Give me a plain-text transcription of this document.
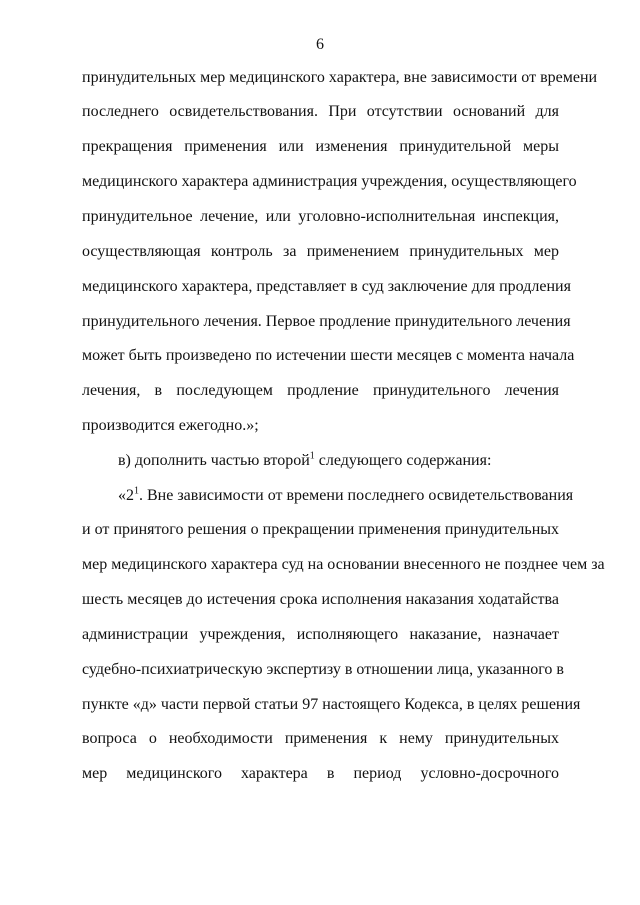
6
принудительных мер медицинского характера, вне зависимости от времени
последнего освидетельствования. При отсутствии оснований для
прекращения применения или изменения принудительной меры
медицинского характера администрация учреждения, осуществляющего
принудительное лечение, или уголовно-исполнительная инспекция,
осуществляющая контроль за применением принудительных мер
медицинского характера, представляет в суд заключение для продления
принудительного лечения. Первое продление принудительного лечения
может быть произведено по истечении шести месяцев с момента начала
лечения, в последующем продление принудительного лечения
производится ежегодно.»;
в) дополнить частью второй$^1$ следующего содержания:
«$2^1$. Вне зависимости от времени последнего освидетельствования
и от принятого решения о прекращении применения принудительных
мер медицинского характера суд на основании внесенного не позднее чем за
шесть месяцев до истечения срока исполнения наказания ходатайства
администрации учреждения, исполняющего наказание, назначает
судебно-психиатрическую экспертизу в отношении лица, указанного в
пункте «д» части первой статьи 97 настоящего Кодекса, в целях решения
вопроса о необходимости применения к нему принудительных
мер медицинского характера в период условно-досрочного
